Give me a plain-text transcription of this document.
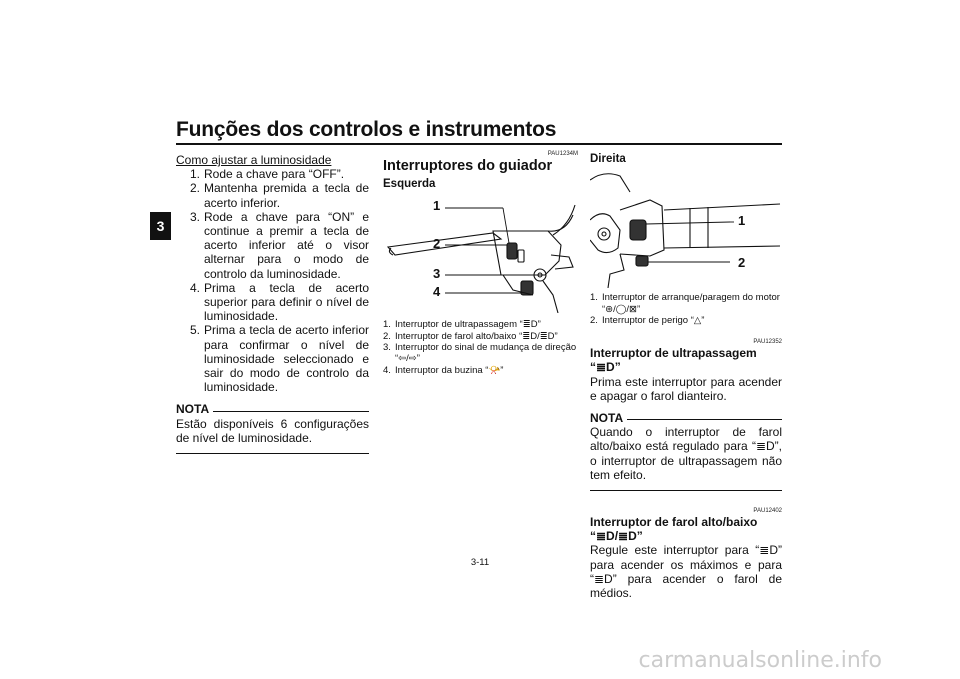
Funções dos controlos e instrumentos
3
Como ajustar a luminosidade
1. Rode a chave para “OFF”.
2. Mantenha premida a tecla de acerto inferior.
3. Rode a chave para “ON” e continue a premir a tecla de acerto inferior até o visor alternar para o modo de controlo da luminosidade.
4. Prima a tecla de acerto superior para definir o nível de luminosidade.
5. Prima a tecla de acerto inferior para confirmar o nível de luminosidade seleccionado e sair do modo de controlo da luminosidade.
NOTA
Estão disponíveis 6 configurações de nível de luminosidade.
PAU1234M
Interruptores do guiador
Esquerda
1
2
3
4
1. Interruptor de ultrapassagem “≣D”
2. Interruptor de farol alto/baixo “≣D/≣D”
3. Interruptor do sinal de mudança de direção “⇦/⇨”
4. Interruptor da buzina “📯”
Direita
1
2
1. Interruptor de arranque/paragem do motor “⊛/◯/⊠”
2. Interruptor de perigo “△”
PAU12352
Interruptor de ultrapassagem “≣D”
Prima este interruptor para acender e apagar o farol dianteiro.
NOTA
Quando o interruptor de farol alto/baixo está regulado para “≣D”, o interruptor de ultrapassagem não tem efeito.
PAU12402
Interruptor de farol alto/baixo “≣D/≣D”
Regule este interruptor para “≣D” para acender os máximos e para “≣D” para acender o farol de médios.
3-11
carmanualsonline.info
